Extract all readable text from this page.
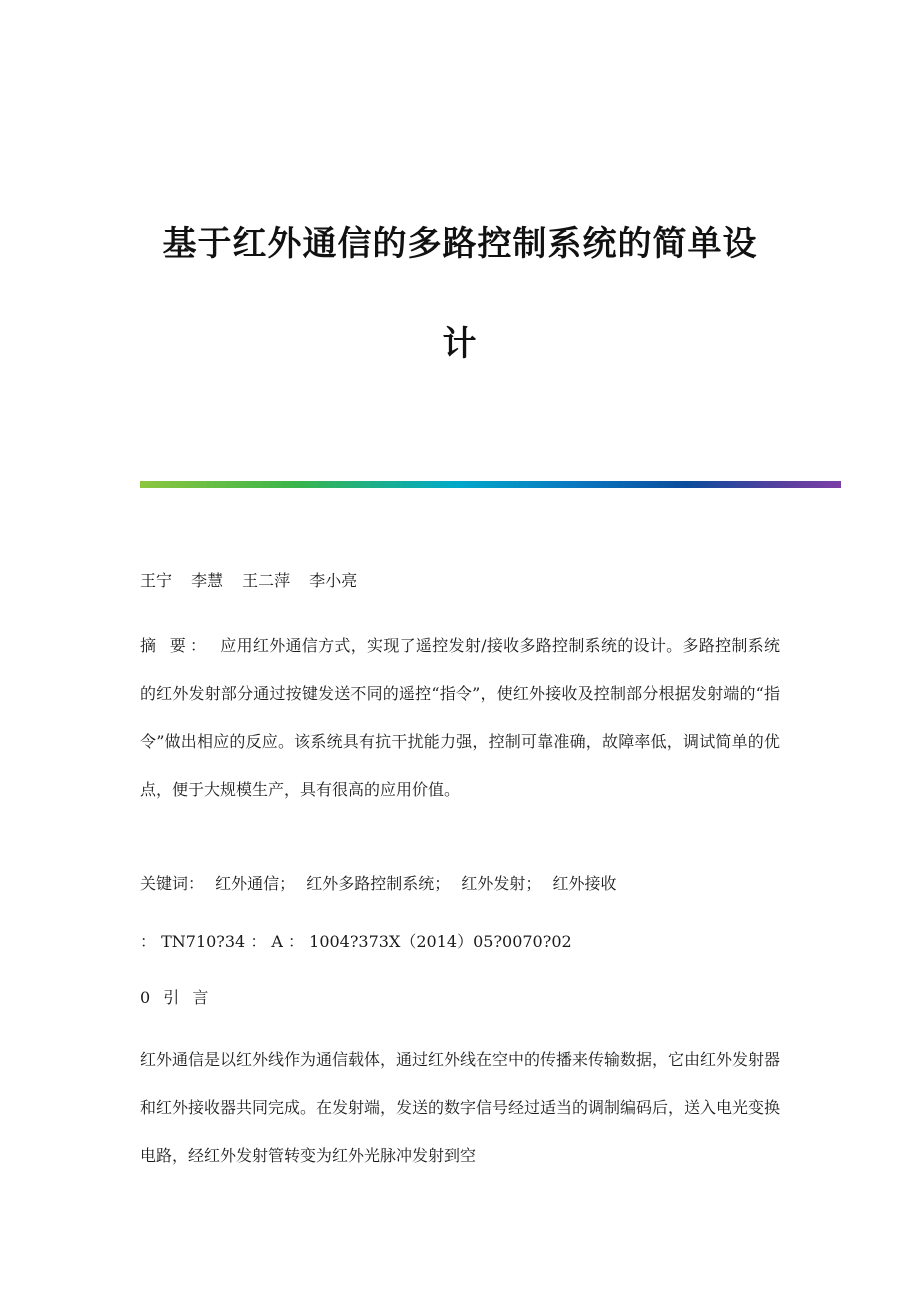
基于红外通信的多路控制系统的简单设
计
王宁 李慧 王二萍 李小亮
摘 要： 应用红外通信方式，实现了遥控发射/接收多路控制系统的设计。多路控制系统的红外发射部分通过按键发送不同的遥控“指令”，使红外接收及控制部分根据发射端的“指令”做出相应的反应。该系统具有抗干扰能力强，控制可靠准确，故障率低，调试简单的优点，便于大规模生产，具有很高的应用价值。
关键词： 红外通信； 红外多路控制系统； 红外发射； 红外接收
： TN710?34 ： A ： 1004?373X（2014）05?0070?02
0 引 言
红外通信是以红外线作为通信载体，通过红外线在空中的传播来传输数据，它由红外发射器和红外接收器共同完成。在发射端，发送的数字信号经过适当的调制编码后，送入电光变换电路，经红外发射管转变为红外光脉冲发射到空
